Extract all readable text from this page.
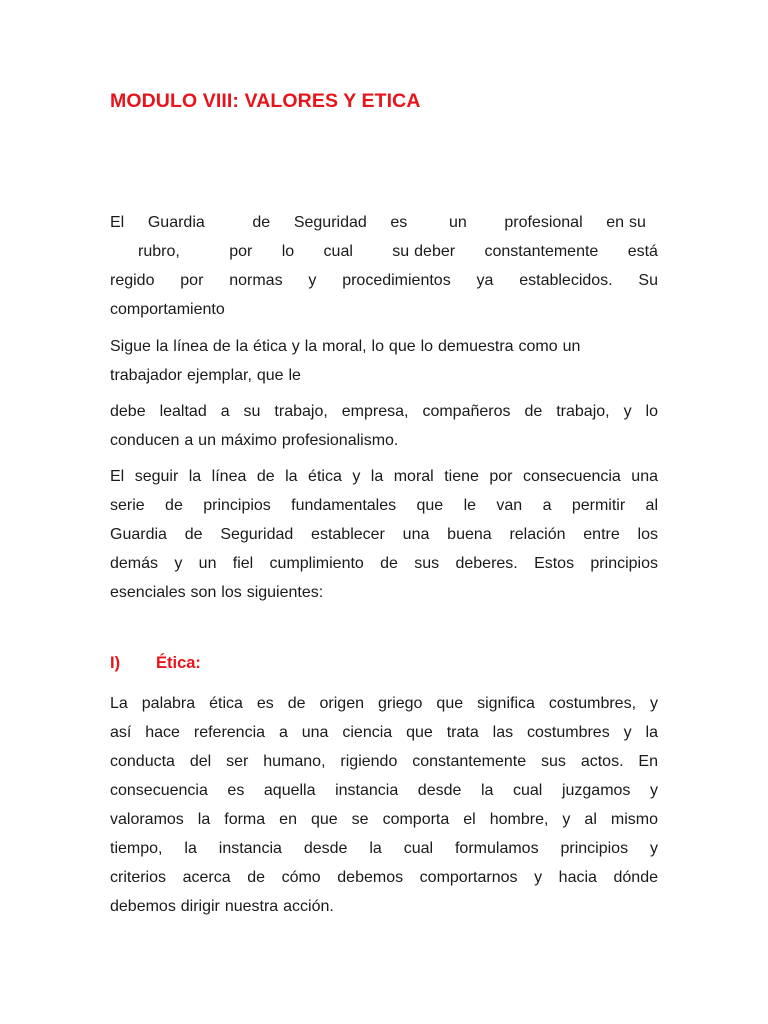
MODULO VIII: VALORES Y ETICA
El Guardia	de Seguridad es	un profesional en su
rubro,	por lo cual su deber constantemente está
regido por normas y procedimientos ya establecidos. Su
comportamiento
Sigue la línea de la ética y la moral, lo que lo demuestra como un
trabajador ejemplar, que le
debe lealtad a su trabajo, empresa, compañeros de trabajo, y lo
conducen a un máximo profesionalismo.
El seguir la línea de la ética y la moral tiene por consecuencia una
serie de principios fundamentales que le van a permitir al
Guardia de Seguridad establecer una buena relación entre los
demás y un fiel cumplimiento de sus deberes. Estos principios
esenciales son los siguientes:
I) Ética:
La palabra ética es de origen griego que significa costumbres, y
así hace referencia a una ciencia que trata las costumbres y la
conducta del ser humano, rigiendo constantemente sus actos. En
consecuencia es aquella instancia desde la cual juzgamos y
valoramos la forma en que se comporta el hombre, y al mismo
tiempo, la instancia desde la cual formulamos principios y
criterios acerca de cómo debemos comportarnos y hacia dónde
debemos dirigir nuestra acción.
